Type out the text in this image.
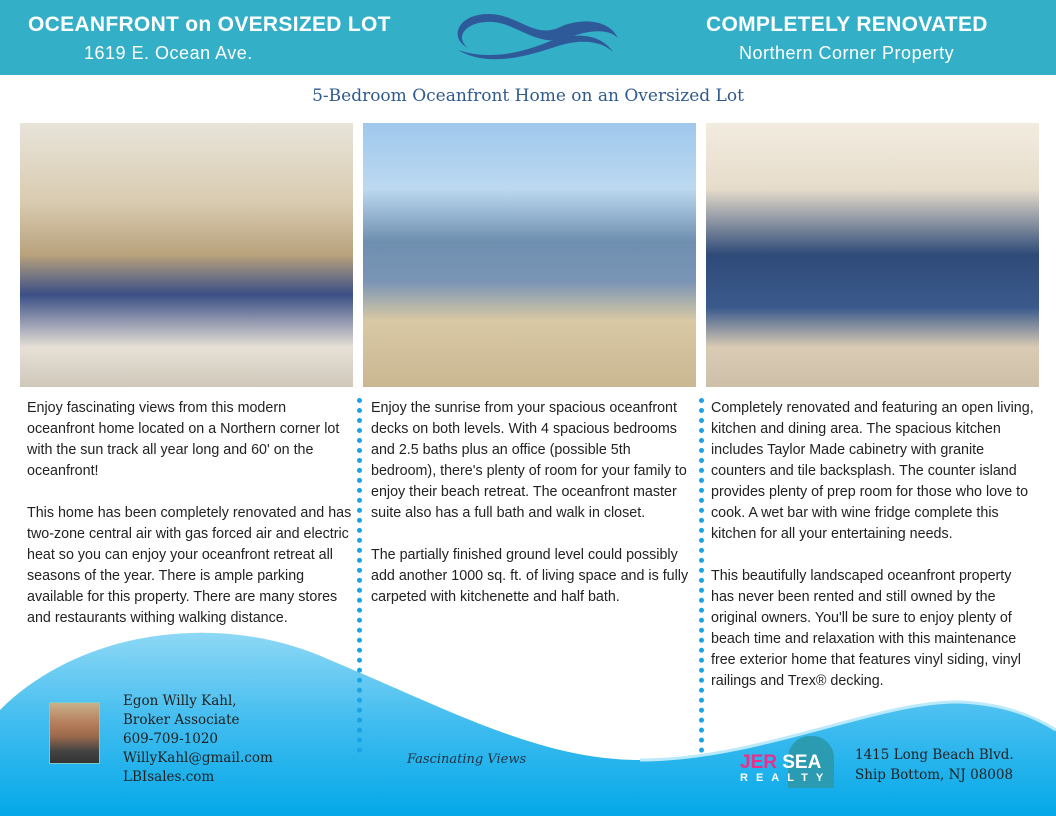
OCEANFRONT on OVERSIZED LOT
1619 E. Ocean Ave.
COMPLETELY RENOVATED
Northern Corner Property
5-Bedroom Oceanfront Home on an Oversized Lot

Enjoy fascinating views from this modern oceanfront home located on a Northern corner lot with the sun track all year long and 60' on the oceanfront!

This home has been completely renovated and has two-zone central air with gas forced air and electric heat so you can enjoy your oceanfront retreat all seasons of the year. There is ample parking available for this property. There are many stores and restaurants withing walking distance.

Enjoy the sunrise from your spacious oceanfront decks on both levels. With 4 spacious bedrooms and 2.5 baths plus an office (possible 5th bedroom), there's plenty of room for your family to enjoy their beach retreat. The oceanfront master suite also has a full bath and walk in closet.

The partially finished ground level could possibly add another 1000 sq. ft. of living space and is fully carpeted with kitchenette and half bath.

Completely renovated and featuring an open living, kitchen and dining area. The spacious kitchen includes Taylor Made cabinetry with granite counters and tile backsplash. The counter island provides plenty of prep room for those who love to cook. A wet bar with wine fridge complete this kitchen for all your entertaining needs.

This beautifully landscaped oceanfront property has never been rented and still owned by the original owners. You'll be sure to enjoy plenty of beach time and relaxation with this maintenance free exterior home that features vinyl siding, vinyl railings and Trex® decking.

Egon Willy Kahl,
Broker Associate
609-709-1020
WillyKahl@gmail.com
LBIsales.com
Fascinating Views	JER SEA
REALTY
1415 Long Beach Blvd.
Ship Bottom, NJ 08008
